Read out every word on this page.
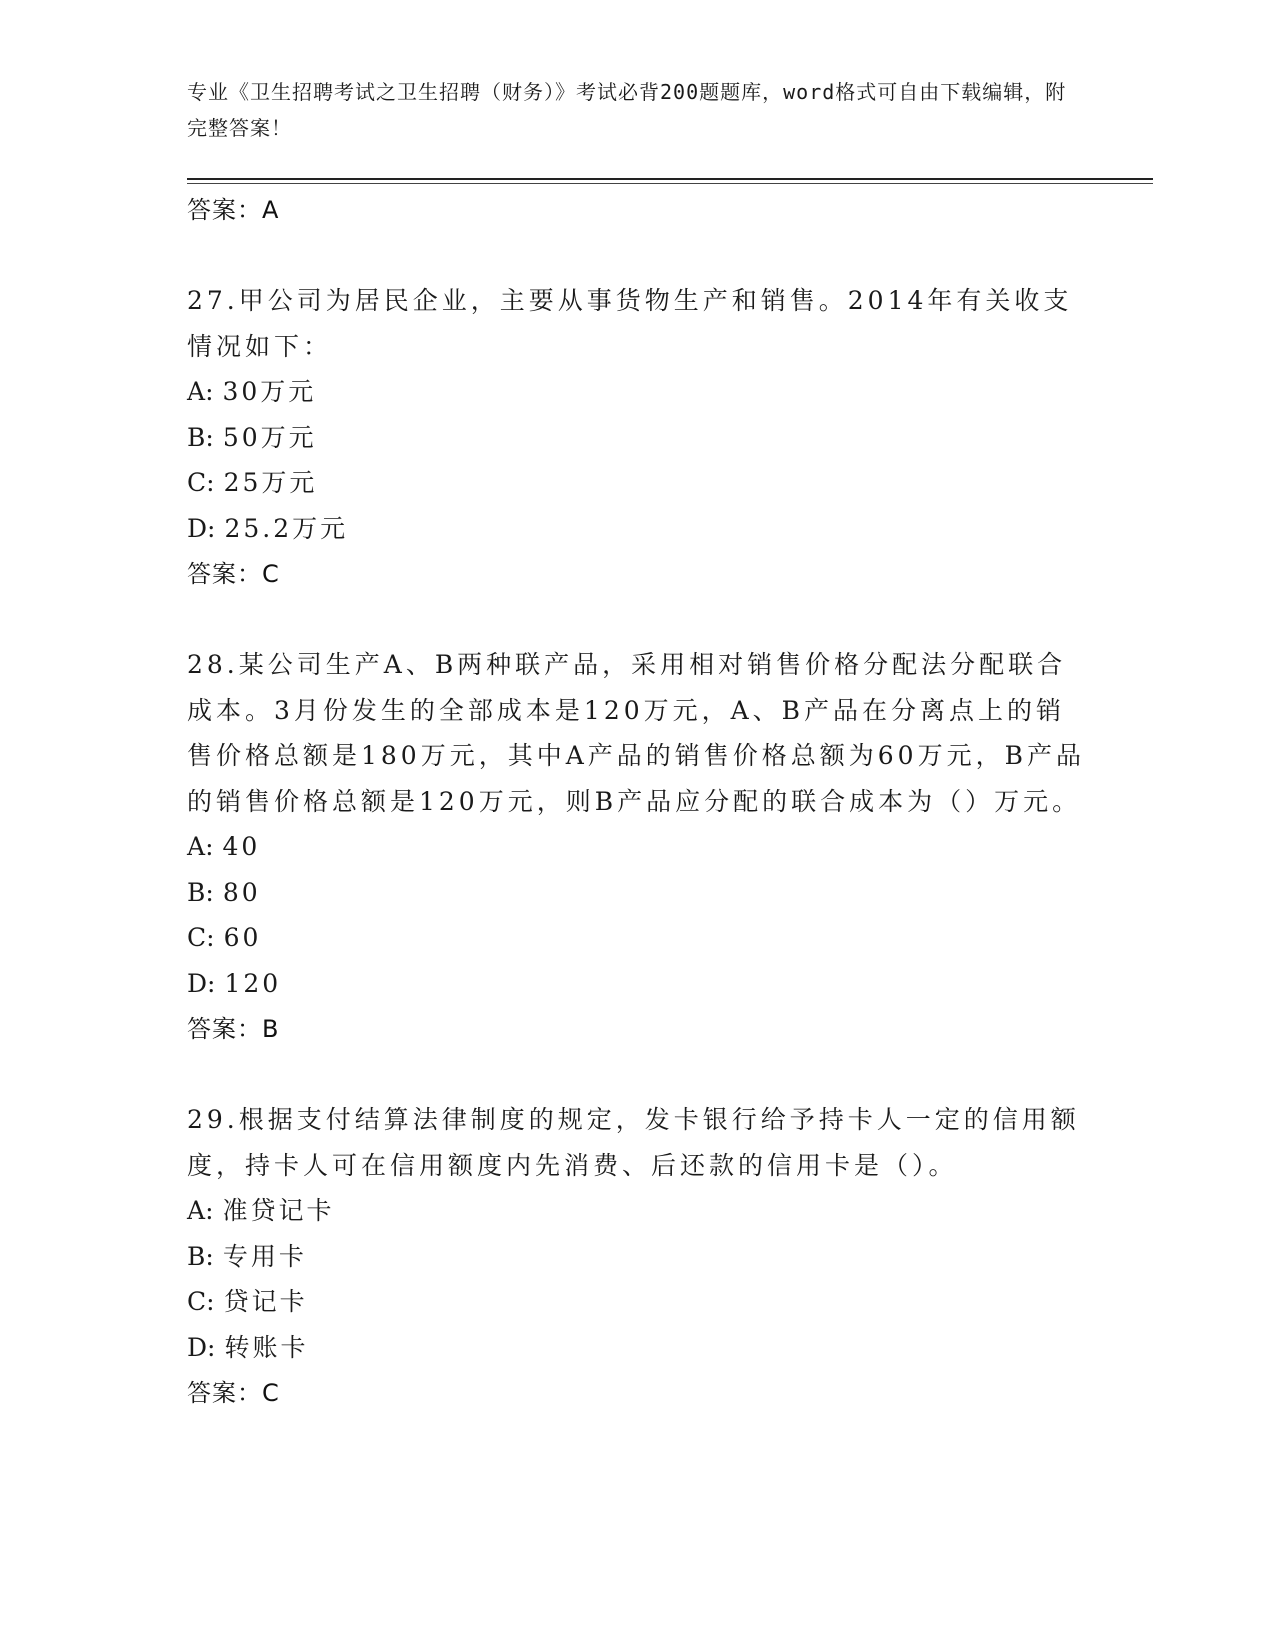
专业《卫生招聘考试之卫生招聘（财务）》考试必背200题题库，word格式可自由下载编辑，附完整答案！

答案：A

27.甲公司为居民企业，主要从事货物生产和销售。2014年有关收支情况如下：

A: 30万元

B: 50万元

C: 25万元

D: 25.2万元

答案：C

28.某公司生产A、B两种联产品，采用相对销售价格分配法分配联合成本。3月份发生的全部成本是120万元，A、B产品在分离点上的销售价格总额是180万元，其中A产品的销售价格总额为60万元，B产品的销售价格总额是120万元，则B产品应分配的联合成本为（）万元。

A: 40

B: 80

C: 60

D: 120

答案：B

29.根据支付结算法律制度的规定，发卡银行给予持卡人一定的信用额度，持卡人可在信用额度内先消费、后还款的信用卡是（）。

A: 准贷记卡

B: 专用卡

C: 贷记卡

D: 转账卡

答案：C
